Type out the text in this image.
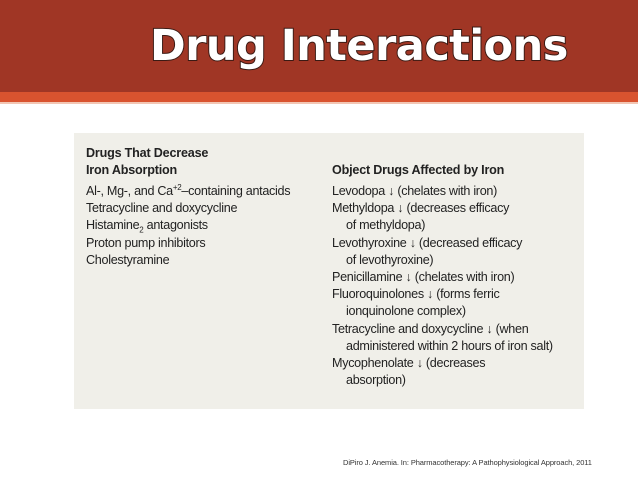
Drug Interactions
Drugs That Decrease
Iron Absorption
Al-, Mg-, and $Ca^{+2}$–containing antacids
Tetracycline and doxycycline
Histamine$_2$ antagonists
Proton pump inhibitors
Cholestyramine
Object Drugs Affected by Iron
Levodopa ↓ (chelates with iron)
Methyldopa ↓ (decreases efficacy
of methyldopa)
Levothyroxine ↓ (decreased efficacy
of levothyroxine)
Penicillamine ↓ (chelates with iron)
Fluoroquinolones ↓ (forms ferric
ionquinolone complex)
Tetracycline and doxycycline ↓ (when
administered within 2 hours of iron salt)
Mycophenolate ↓ (decreases
absorption)
DiPiro J. Anemia. In: Pharmacotherapy: A Pathophysiological Approach, 2011
